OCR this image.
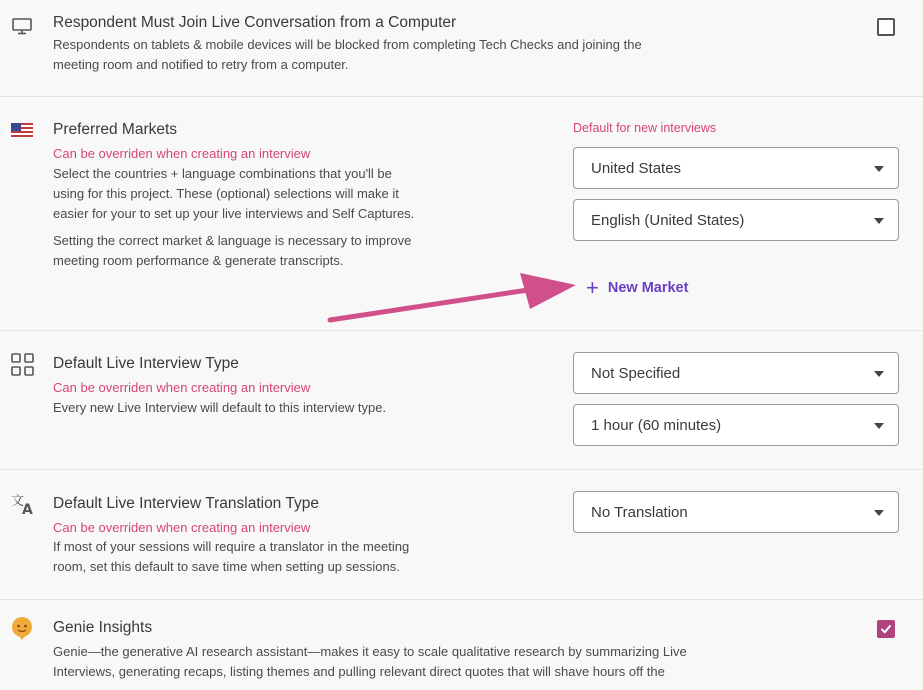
Respondent Must Join Live Conversation from a Computer
Respondents on tablets & mobile devices will be blocked from completing Tech Checks and joining the
meeting room and notified to retry from a computer.
Preferred Markets
Can be overriden when creating an interview
Select the countries + language combinations that you'll be
using for this project. These (optional) selections will make it
easier for your to set up your live interviews and Self Captures.
Setting the correct market & language is necessary to improve
meeting room performance & generate transcripts.
Default for new interviews
United States
English (United States)
+ New Market
Default Live Interview Type
Can be overriden when creating an interview
Every new Live Interview will default to this interview type.
Not Specified
1 hour (60 minutes)
文
A Default Live Interview Translation Type
Can be overriden when creating an interview
If most of your sessions will require a translator in the meeting
room, set this default to save time when setting up sessions.
No Translation
Genie Insights
Genie—the generative AI research assistant—makes it easy to scale qualitative research by summarizing Live
Interviews, generating recaps, listing themes and pulling relevant direct quotes that will shave hours off the
